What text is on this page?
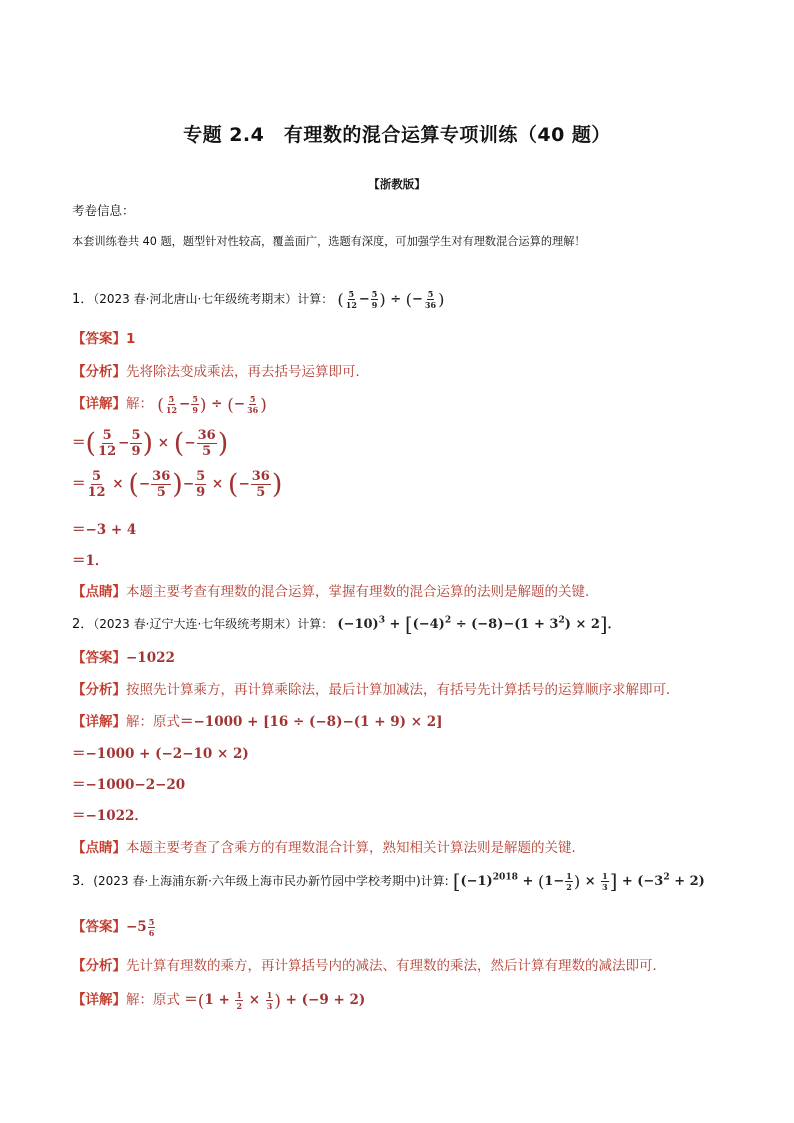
专题 2.4　有理数的混合运算专项训练（40 题）
【浙教版】
考卷信息：
本套训练卷共 40 题，题型针对性较高，覆盖面广，选题有深度，可加强学生对有理数混合运算的理解！
1．（2023 春·河北唐山·七年级统考期末）计算： ( $\frac{5}{12} - \frac{5}{9}$ ) ÷ (− $\frac{5}{36}$ )
【答案】1
【分析】先将除法变成乘法，再去括号运算即可．
【详解】解： ( $\frac{5}{12} - \frac{5}{9}$ ) ÷ (− $\frac{5}{36}$ )
＝( $\frac{5}{12} - \frac{5}{9}$ ) × (− $\frac{36}{5}$ )
＝ $\frac{5}{12}$ × (− $\frac{36}{5}$ )− $\frac{5}{9}$ × (− $\frac{36}{5}$ )
＝−3 + 4
＝1．
【点睛】本题主要考查有理数的混合运算，掌握有理数的混合运算的法则是解题的关键．
2．（2023 春·辽宁大连·七年级统考期末）计算： $(-10)^3 + [(-4)^2 \div (-8)-(1 + 3^2) \times 2]$．
【答案】−1022
【分析】按照先计算乘方，再计算乘除法，最后计算加减法，有括号先计算括号的运算顺序求解即可．
【详解】解：原式＝−1000 + [16 ÷ (−8)−(1 + 9) × 2]
＝−1000 + (−2−10 × 2)
＝−1000−2−20
＝−1022．
【点睛】本题主要考查了含乘方的有理数混合计算，熟知相关计算法则是解题的关键．
3．(2023 春·上海浦东新·六年级上海市民办新竹园中学校考期中)计算: [$(-1)^{2018} + (1- \frac{1}{2}$ ) × $\frac{1}{3}$ ] + $(-3^2 + 2)$
【答案】$-5 \frac{5}{6}$
【分析】先计算有理数的乘方，再计算括号内的减法、有理数的乘法，然后计算有理数的减法即可．
【详解】解：原式 $=(1 + \frac{1}{2} \times \frac{1}{3}$ ) + (−9 + 2)
